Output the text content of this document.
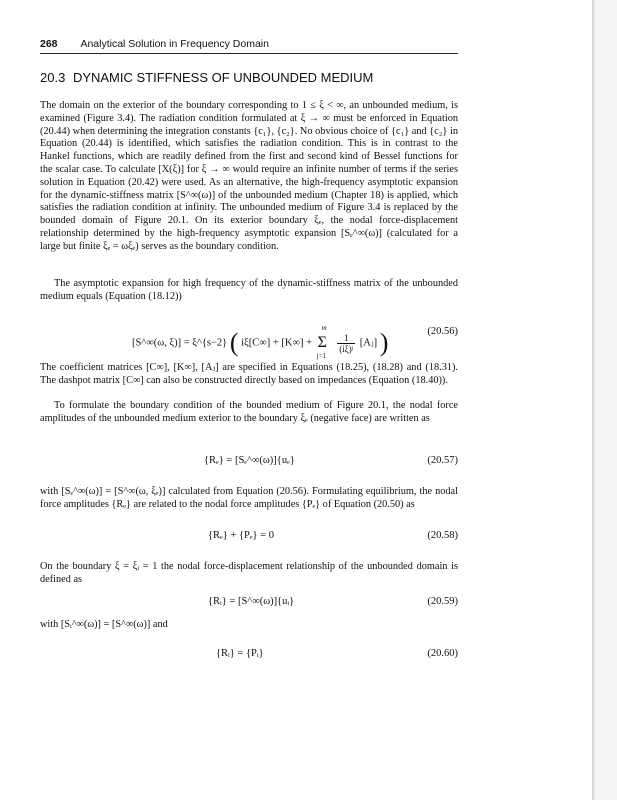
268 Analytical Solution in Frequency Domain
20.3 DYNAMIC STIFFNESS OF UNBOUNDED MEDIUM
The domain on the exterior of the boundary corresponding to 1 ≤ ξ < ∞, an unbounded medium, is examined (Figure 3.4). The radiation condition formulated at ξ → ∞ must be enforced in Equation (20.44) when determining the integration constants {c₁}, {c₂}. No obvious choice of {c₁} and {c₂} in Equation (20.44) is identified, which satisfies the radiation condition. This is in contrast to the Hankel functions, which are readily defined from the first and second kind of Bessel functions for the scalar case. To calculate [X(ξ)] for ξ → ∞ would require an infinite number of terms if the series solution in Equation (20.42) were used. As an alternative, the high-frequency asymptotic expansion for the dynamic-stiffness matrix [S^∞(ω)] of the unbounded medium (Chapter 18) is applied, which satisfies the radiation condition at infinity. The unbounded medium of Figure 3.4 is replaced by the bounded domain of Figure 20.1. On its exterior boundary ξₑ, the nodal force-displacement relationship determined by the high-frequency asymptotic expansion [Sₑ^∞(ω)] (calculated for a large but finite ξₑ = ωξₑ) serves as the boundary condition.
The asymptotic expansion for high frequency of the dynamic-stiffness matrix of the unbounded medium equals (Equation (18.12))
[S^∞(ω, ξ)] = ξ^{s−2} ( iξ[C∞] + [K∞] +
m
Σ
j=1

$\frac{1}{\text{(iξ)ʲ}}$ [Aⱼ] )	(20.56)
The coefficient matrices [C∞], [K∞], [Aⱼ] are specified in Equations (18.25), (18.28) and (18.31). The dashpot matrix [C∞] can also be constructed directly based on impedances (Equation (18.40)).
To formulate the boundary condition of the bounded medium of Figure 20.1, the nodal force amplitudes of the unbounded medium exterior to the boundary ξₑ (negative face) are written as
{Rₑ} = [Sₑ^∞(ω)]{uₑ}	(20.57)
with [Sₑ^∞(ω)] = [S^∞(ω, ξₑ)] calculated from Equation (20.56). Formulating equilibrium, the nodal force amplitudes {Rₑ} are related to the nodal force amplitudes {Pₑ} of Equation (20.50) as
{Rₑ} + {Pₑ} = 0	(20.58)
On the boundary ξ = ξᵢ = 1 the nodal force-displacement relationship of the unbounded domain is defined as
{Rᵢ} = [S^∞(ω)]{uᵢ}	(20.59)
with [Sᵢ^∞(ω)] = [S^∞(ω)] and
{Rᵢ} = {Pᵢ}	(20.60)
